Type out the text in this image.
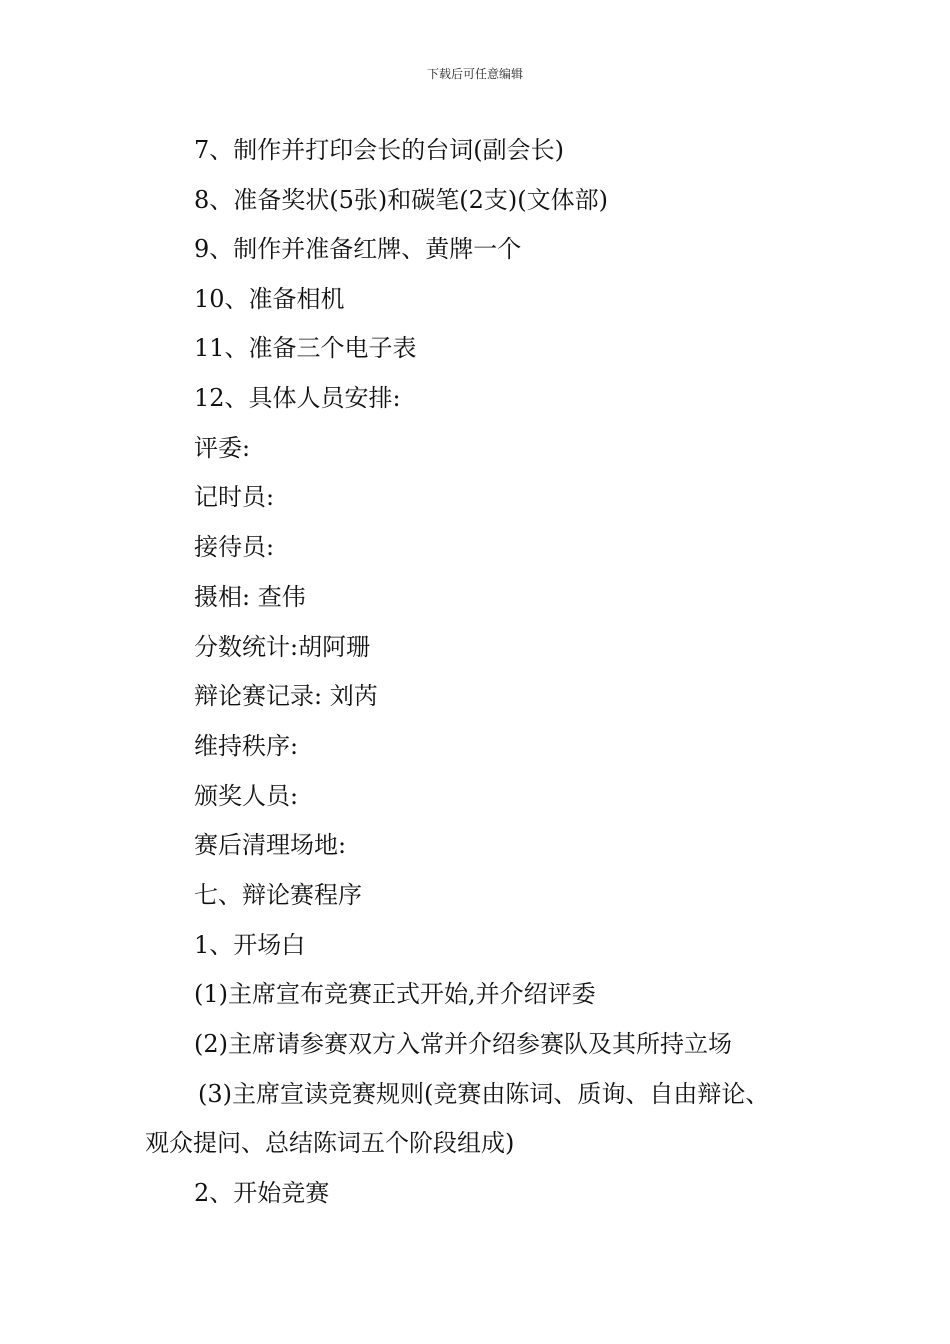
下载后可任意编辑
7、制作并打印会长的台词(副会长)
8、准备奖状(5张)和碳笔(2支)(文体部)
9、制作并准备红牌、黄牌一个
10、准备相机
11、准备三个电子表
12、具体人员安排:
评委:
记时员:
接待员:
摄相: 查伟
分数统计:胡阿珊
辩论赛记录: 刘芮
维持秩序:
颁奖人员:
赛后清理场地:
七、辩论赛程序
1、开场白
(1)主席宣布竞赛正式开始,并介绍评委
(2)主席请参赛双方入常并介绍参赛队及其所持立场
(3)主席宣读竞赛规则(竞赛由陈词、质询、自由辩论、
观众提问、总结陈词五个阶段组成)
2、开始竞赛
